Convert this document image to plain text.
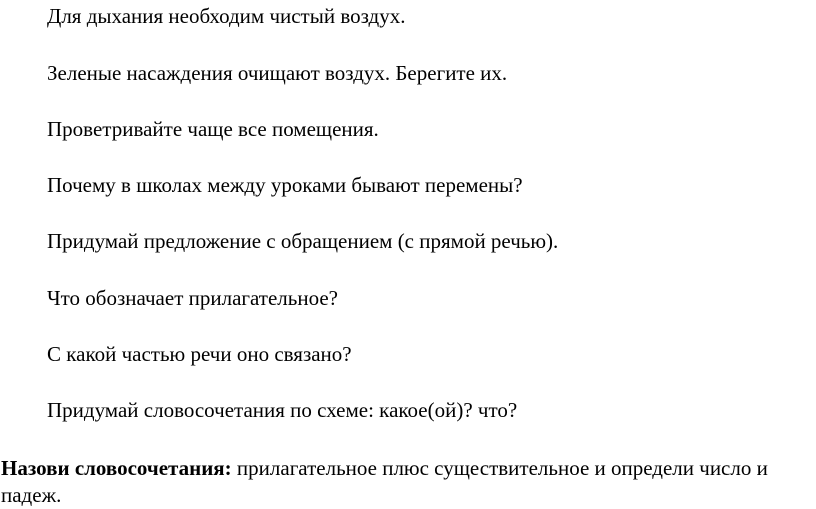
Для дыхания необходим чистый воздух.

Зеленые насаждения очищают воздух. Берегите их.

Проветривайте чаще все помещения.

Почему в школах между уроками бывают перемены?

Придумай предложение с обращением (с прямой речью).

Что обозначает прилагательное?

С какой частью речи оно связано?

Придумай словосочетания по схеме: какое(ой)? что?

Назови словосочетания: прилагательное плюс существительное и определи число и падеж.
